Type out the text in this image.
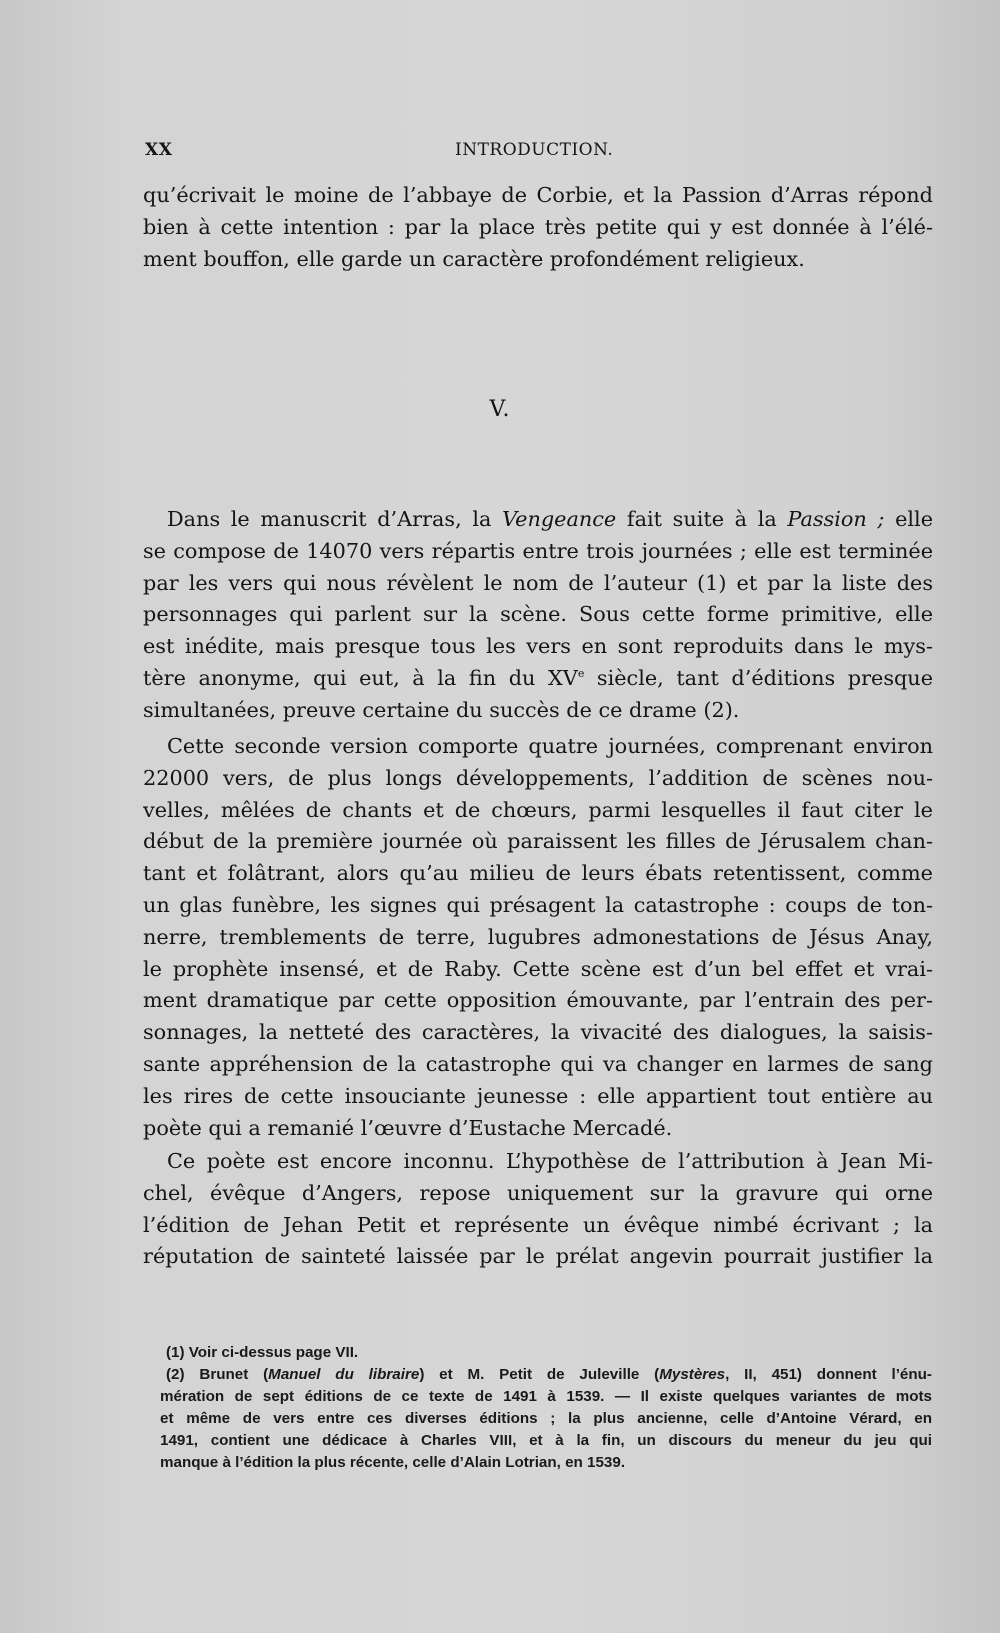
XX	INTRODUCTION.
qu’écrivait le moine de l’abbaye de Corbie, et la Passion d’Arras répond
bien à cette intention : par la place très petite qui y est donnée à l’élé-
ment bouffon, elle garde un caractère profondément religieux.
V.
Dans le manuscrit d’Arras, la Vengeance fait suite à la Passion ; elle
se compose de 14070 vers répartis entre trois journées ; elle est terminée
par les vers qui nous révèlent le nom de l’auteur (1) et par la liste des
personnages qui parlent sur la scène. Sous cette forme primitive, elle
est inédite, mais presque tous les vers en sont reproduits dans le mys-
tère anonyme, qui eut, à la fin du XVe siècle, tant d’éditions presque
simultanées, preuve certaine du succès de ce drame (2).
Cette seconde version comporte quatre journées, comprenant environ
22000 vers, de plus longs développements, l’addition de scènes nou-
velles, mêlées de chants et de chœurs, parmi lesquelles il faut citer le
début de la première journée où paraissent les filles de Jérusalem chan-
tant et folâtrant, alors qu’au milieu de leurs ébats retentissent, comme
un glas funèbre, les signes qui présagent la catastrophe : coups de ton-
nerre, tremblements de terre, lugubres admonestations de Jésus Anay,
le prophète insensé, et de Raby. Cette scène est d’un bel effet et vrai-
ment dramatique par cette opposition émouvante, par l’entrain des per-
sonnages, la netteté des caractères, la vivacité des dialogues, la saisis-
sante appréhension de la catastrophe qui va changer en larmes de sang
les rires de cette insouciante jeunesse : elle appartient tout entière au
poète qui a remanié l’œuvre d’Eustache Mercadé.
Ce poète est encore inconnu. L’hypothèse de l’attribution à Jean Mi-
chel, évêque d’Angers, repose uniquement sur la gravure qui orne
l’édition de Jehan Petit et représente un évêque nimbé écrivant ; la
réputation de sainteté laissée par le prélat angevin pourrait justifier la
(1) Voir ci-dessus page VII.
(2) Brunet (Manuel du libraire) et M. Petit de Juleville (Mystères, II, 451) donnent l’énu-
mération de sept éditions de ce texte de 1491 à 1539. — Il existe quelques variantes de mots
et même de vers entre ces diverses éditions ; la plus ancienne, celle d’Antoine Vérard, en
1491, contient une dédicace à Charles VIII, et à la fin, un discours du meneur du jeu qui
manque à l’édition la plus récente, celle d’Alain Lotrian, en 1539.
